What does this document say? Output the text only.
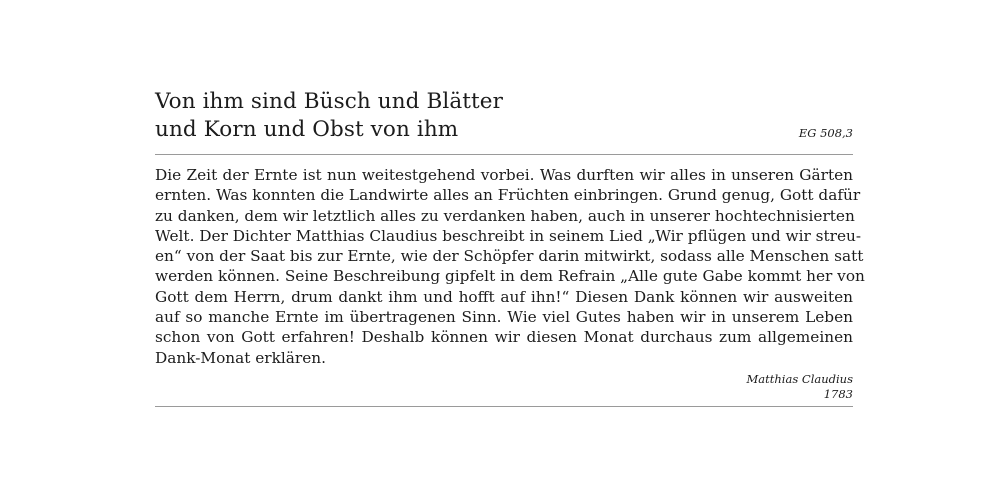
Von ihm sind Büsch und Blätter
und Korn und Obst von ihm	EG 508,3
Die Zeit der Ernte ist nun weitestgehend vorbei. Was durften wir alles in unseren Gärten
ernten. Was konnten die Landwirte alles an Früchten einbringen. Grund genug, Gott dafür
zu danken, dem wir letztlich alles zu verdanken haben, auch in unserer hochtechnisierten
Welt. Der Dichter Matthias Claudius beschreibt in seinem Lied „Wir pflügen und wir streu-
en“ von der Saat bis zur Ernte, wie der Schöpfer darin mitwirkt, sodass alle Menschen satt
werden können. Seine Beschreibung gipfelt in dem Refrain „Alle gute Gabe kommt her von
Gott dem Herrn, drum dankt ihm und hofft auf ihn!“ Diesen Dank können wir ausweiten
auf so manche Ernte im übertragenen Sinn. Wie viel Gutes haben wir in unserem Leben
schon von Gott erfahren! Deshalb können wir diesen Monat durchaus zum allgemeinen
Dank-Monat erklären.
Matthias Claudius
1783
